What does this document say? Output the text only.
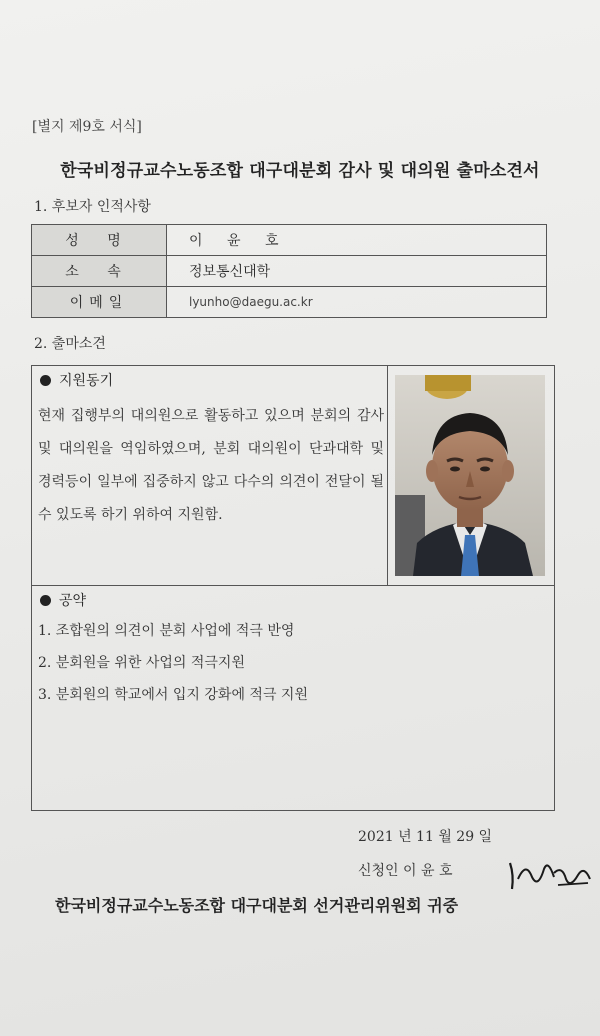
[별지 제9호 서식]
한국비정규교수노동조합 대구대분회 감사 및 대의원 출마소견서
1. 후보자 인적사항
성 명	이 윤 호
소 속	정보통신대학
이메일	lyunho@daegu.ac.kr
2. 출마소견
지원동기

현재 집행부의 대의원으로 활동하고 있으며 분회의 감사 및 대의원을 역임하였으며, 분회 대의원이 단과대학 및 경력등이 일부에 집중하지 않고 다수의 의견이 전달이 될 수 있도록 하기 위하여 지원함.

공약
1. 조합원의 의견이 분회 사업에 적극 반영
2. 분회원을 위한 사업의 적극지원
3. 분회원의 학교에서 입지 강화에 적극 지원
2021 년 11 월 29 일
신청인 이 윤 호
한국비정규교수노동조합 대구대분회 선거관리위원회 귀중
